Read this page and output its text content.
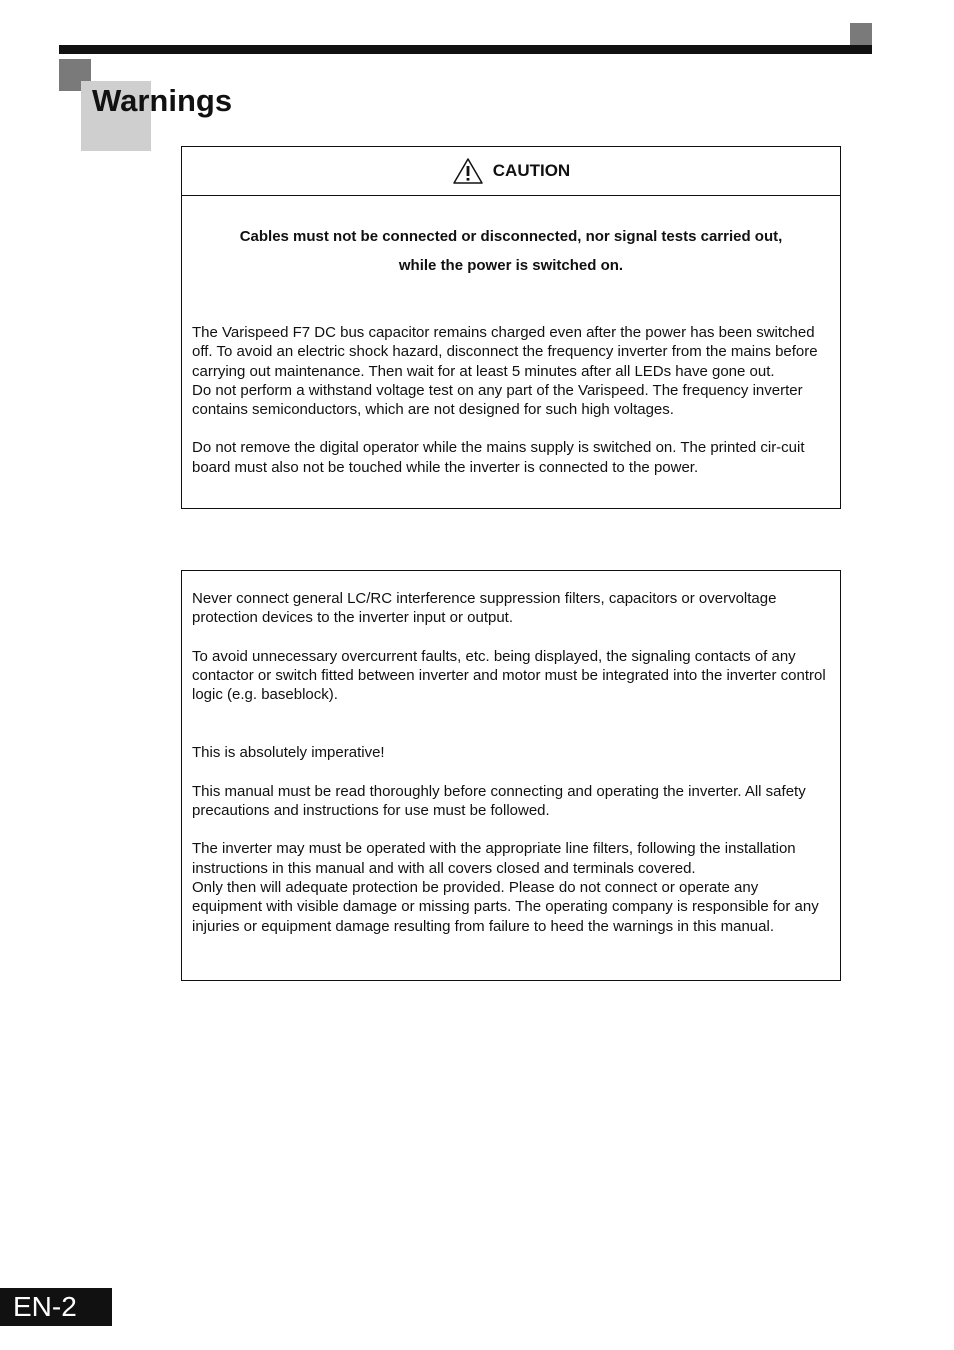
Warnings
CAUTION

Cables must not be connected or disconnected, nor signal tests carried out,
while the power is switched on.

The Varispeed F7 DC bus capacitor remains charged even after the power has been switched off. To avoid an electric shock hazard, disconnect the frequency inverter from the mains before carrying out maintenance. Then wait for at least 5 minutes after all LEDs have gone out.

Do not perform a withstand voltage test on any part of the Varispeed. The frequency inverter contains semiconductors, which are not designed for such high voltages.

Do not remove the digital operator while the mains supply is switched on. The printed cir-cuit board must also not be touched while the inverter is connected to the power.

Never connect general LC/RC interference suppression filters, capacitors or overvoltage protection devices to the inverter input or output.

To avoid unnecessary overcurrent faults, etc. being displayed, the signaling contacts of any contactor or switch fitted between inverter and motor must be integrated into the inverter control logic (e.g. baseblock).

This is absolutely imperative!

This manual must be read thoroughly before connecting and operating the inverter. All safety precautions and instructions for use must be followed.

The inverter may must be operated with the appropriate line filters, following the installation instructions in this manual and with all covers closed and terminals covered.

Only then will adequate protection be provided. Please do not connect or operate any equipment with visible damage or missing parts. The operating company is responsible for any injuries or equipment damage resulting from failure to heed the warnings in this manual.

EN-2
